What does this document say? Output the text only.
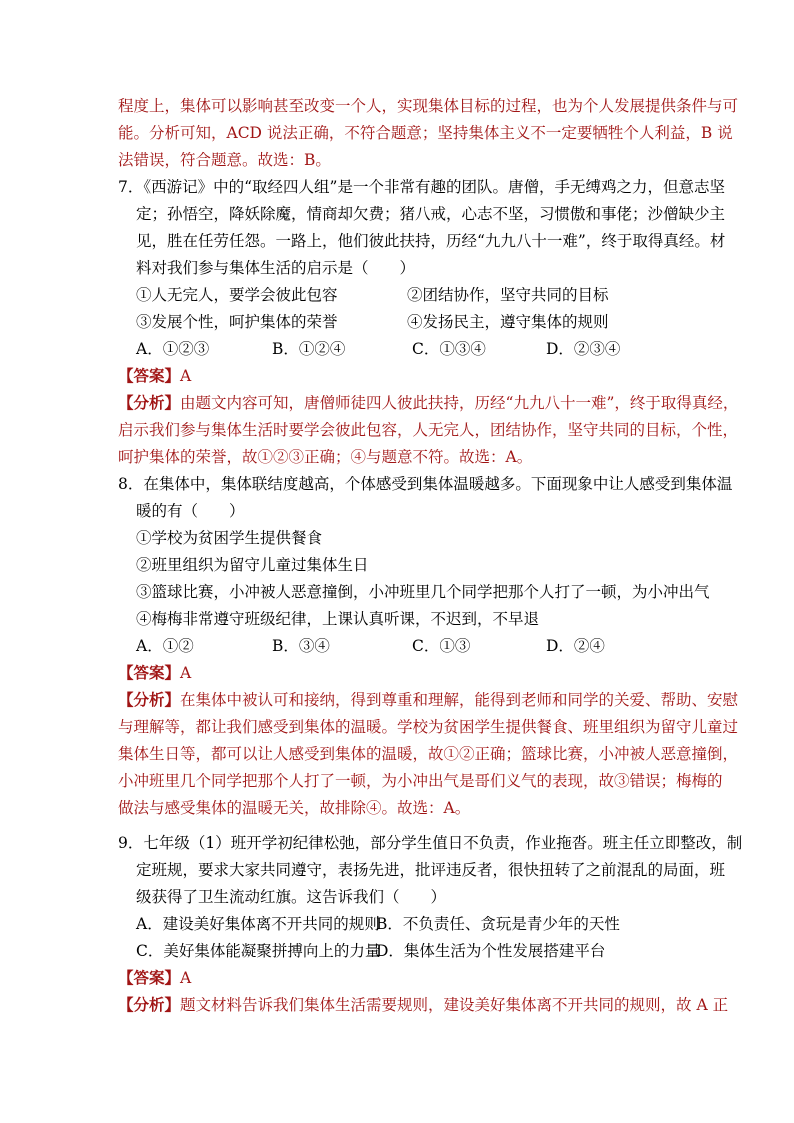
程度上，集体可以影响甚至改变一个人，实现集体目标的过程，也为个人发展提供条件与可
能。分析可知，ACD 说法正确，不符合题意；坚持集体主义不一定要牺牲个人利益，B 说
法错误，符合题意。故选：B。
7．《西游记》中的“取经四人组”是一个非常有趣的团队。唐僧，手无缚鸡之力，但意志坚
定；孙悟空，降妖除魔，情商却欠费；猪八戒，心志不坚，习惯傲和事佬；沙僧缺少主
见，胜在任劳任怨。一路上，他们彼此扶持，历经“九九八十一难”，终于取得真经。材
料对我们参与集体生活的启示是（　　）
①人无完人，要学会彼此包容	②团结协作，坚守共同的目标
③发展个性，呵护集体的荣誉	④发扬民主，遵守集体的规则
A．①②③	B．①②④	C．①③④	D．②③④
【答案】A
【分析】由题文内容可知，唐僧师徒四人彼此扶持，历经“九九八十一难”，终于取得真经，
启示我们参与集体生活时要学会彼此包容，人无完人，团结协作，坚守共同的目标，个性，
呵护集体的荣誉，故①②③正确；④与题意不符。故选：A。
8．在集体中，集体联结度越高，个体感受到集体温暖越多。下面现象中让人感受到集体温
暖的有（　　）
①学校为贫困学生提供餐食
②班里组织为留守儿童过集体生日
③篮球比赛，小冲被人恶意撞倒，小冲班里几个同学把那个人打了一顿，为小冲出气
④梅梅非常遵守班级纪律，上课认真听课，不迟到，不早退
A．①②	B．③④	C．①③	D．②④
【答案】A
【分析】在集体中被认可和接纳，得到尊重和理解，能得到老师和同学的关爱、帮助、安慰
与理解等，都让我们感受到集体的温暖。学校为贫困学生提供餐食、班里组织为留守儿童过
集体生日等，都可以让人感受到集体的温暖，故①②正确；篮球比赛，小冲被人恶意撞倒，
小冲班里几个同学把那个人打了一顿，为小冲出气是哥们义气的表现，故③错误；梅梅的
做法与感受集体的温暖无关，故排除④。故选：A。
9．七年级（1）班开学初纪律松弛，部分学生值日不负责，作业拖沓。班主任立即整改，制
定班规，要求大家共同遵守，表扬先进，批评违反者，很快扭转了之前混乱的局面，班
级获得了卫生流动红旗。这告诉我们（　　）
A．建设美好集体离不开共同的规则
B．不负责任、贪玩是青少年的天性
C．美好集体能凝聚拼搏向上的力量
D．集体生活为个性发展搭建平台
【答案】A
【分析】题文材料告诉我们集体生活需要规则，建设美好集体离不开共同的规则，故 A 正
